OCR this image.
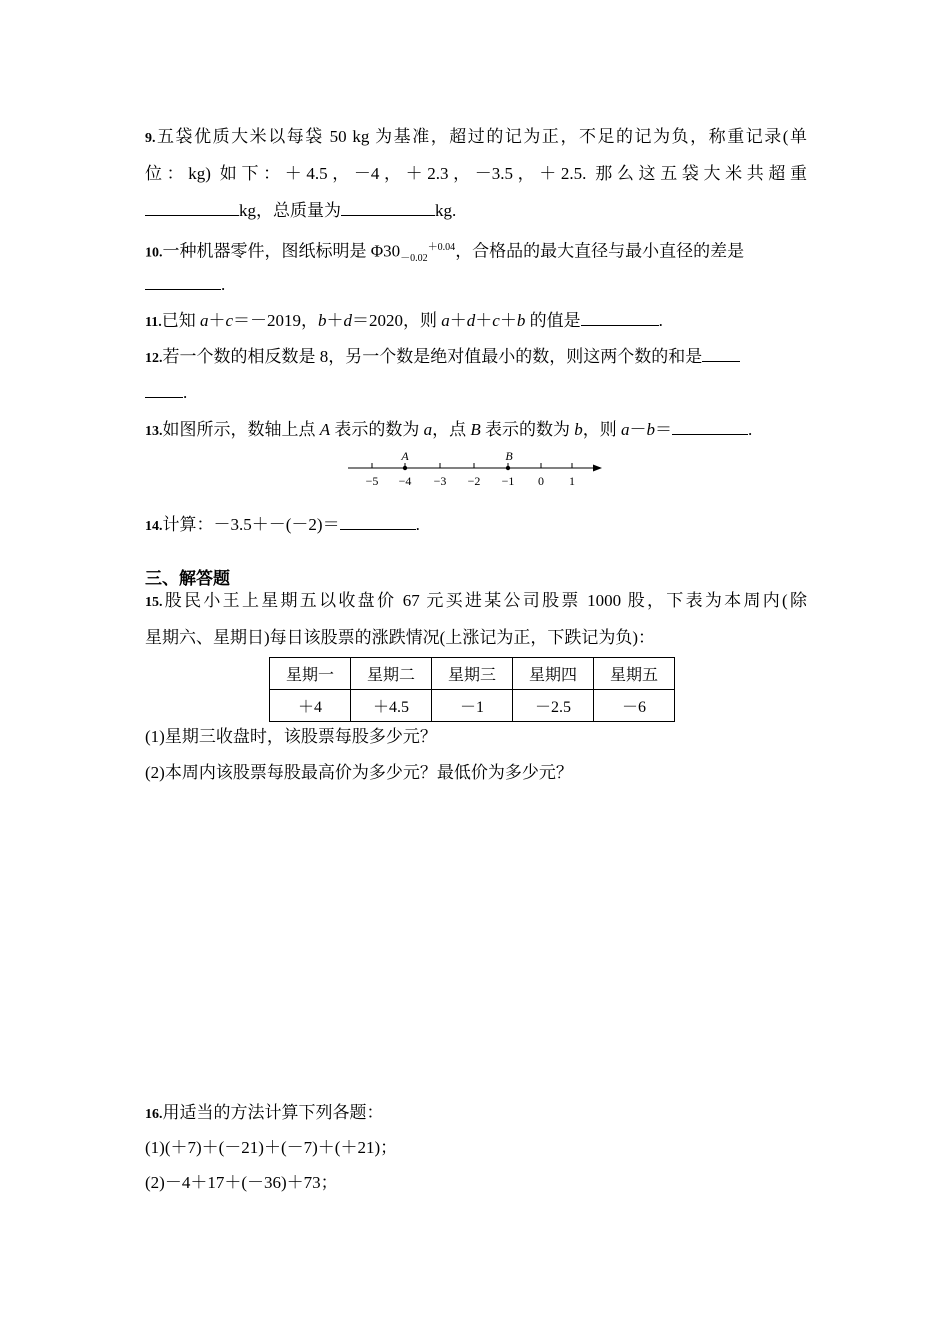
9.五袋优质大米以每袋 50 kg 为基准，超过的记为正，不足的记为负，称重记录(单
位：kg) 如下：＋4.5，－4，＋2.3，－3.5，＋2.5. 那么这五袋大米共超重
kg，总质量为	kg.
10.一种机器零件，图纸标明是 $\Phi 30_{-0.02}^{+0.04}$，合格品的最大直径与最小直径的差是
.
11.已知 a＋c＝－2019，b＋d＝2020，则 a＋d＋c＋b 的值是	.
12.若一个数的相反数是 8，另一个数是绝对值最小的数，则这两个数的和是
.
13.如图所示，数轴上点 A 表示的数为 a，点 B 表示的数为 b，则 a－b＝	.
−5 −4 −3 −2 −1 0 1
A	B
14.计算：－3.5＋－(－2)＝	.
三、解答题
15.股民小王上星期五以收盘价 67 元买进某公司股票 1000 股，下表为本周内(除
星期六、星期日)每日该股票的涨跌情况(上涨记为正，下跌记为负)：
星期一	星期二	星期三	星期四	星期五
＋4	＋4.5	－1	－2.5	－6
(1)星期三收盘时，该股票每股多少元？
(2)本周内该股票每股最高价为多少元？最低价为多少元？
16.用适当的方法计算下列各题：
(1)(＋7)＋(－21)＋(－7)＋(＋21)；
(2)－4＋17＋(－36)＋73；
